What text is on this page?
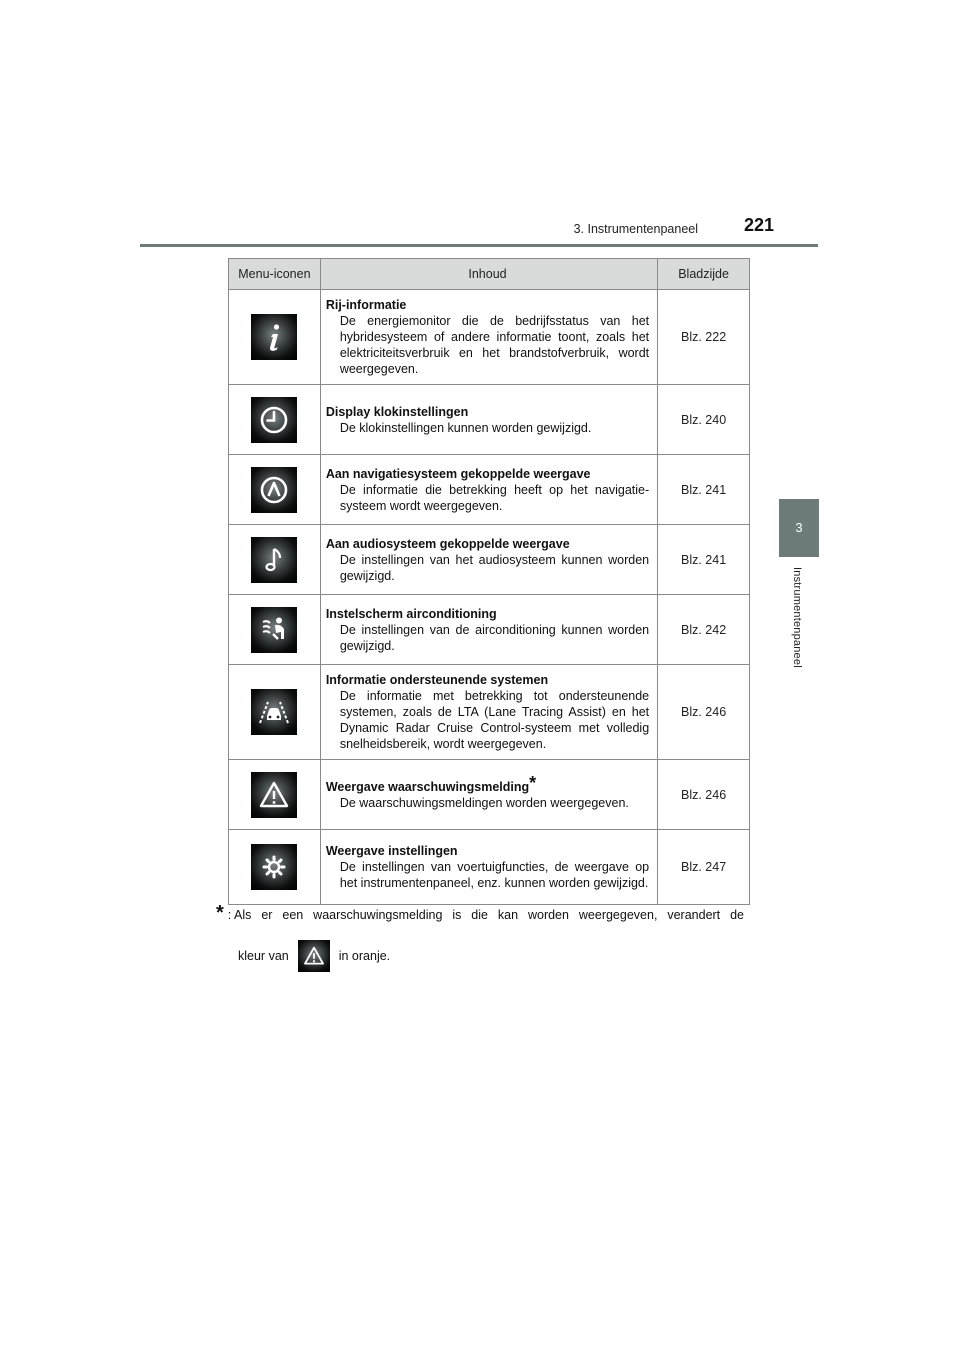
3. Instrumentenpaneel	221
3
Instrumentenpaneel
Menu-iconen	Inhoud	Bladzijde

Rij-informatie
De energiemonitor die de bedrijfsstatus van het hybridesysteem of andere informatie toont, zoals het elektriciteitsverbruik en het brandstofverbruik, wordt weergegeven.	Blz. 222

Display klokinstellingen
De klokinstellingen kunnen worden gewijzigd.	Blz. 240

Aan navigatiesysteem gekoppelde weergave
De informatie die betrekking heeft op het navigatie-systeem wordt weergegeven.	Blz. 241

Aan audiosysteem gekoppelde weergave
De instellingen van het audiosysteem kunnen worden gewijzigd.	Blz. 241

Instelscherm airconditioning
De instellingen van de airconditioning kunnen worden gewijzigd.	Blz. 242

Informatie ondersteunende systemen
De informatie met betrekking tot ondersteunende systemen, zoals de LTA (Lane Tracing Assist) en het Dynamic Radar Cruise Control-systeem met volledig snelheidsbereik, wordt weergegeven.	Blz. 246

Weergave waarschuwingsmelding*
De waarschuwingsmeldingen worden weergegeven.	Blz. 246

Weergave instellingen
De instellingen van voertuigfuncties, de weergave op het instrumentenpaneel, enz. kunnen worden gewijzigd.	Blz. 247
* : Als er een waarschuwingsmelding is die kan worden weergegeven, verandert de
kleur van	in oranje.
